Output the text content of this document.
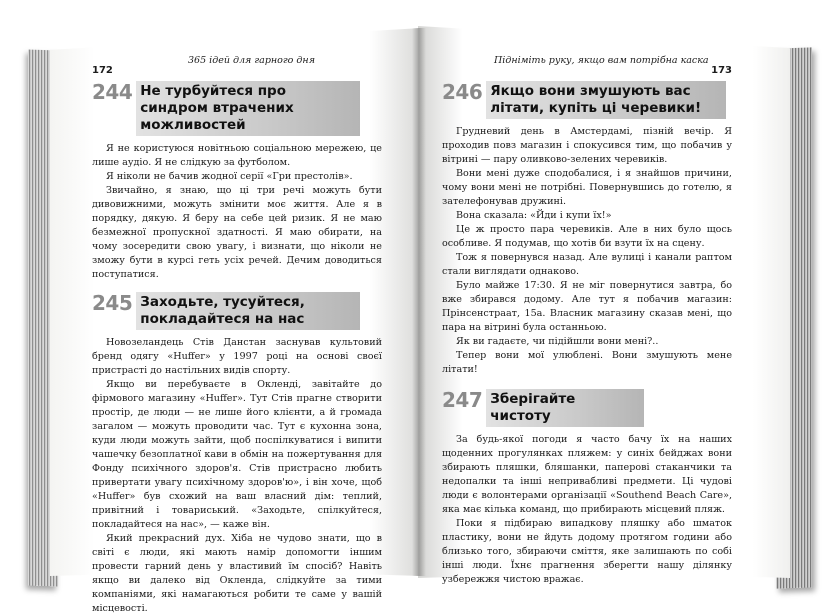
172
365 ідей для гарного дня
244 Не турбуйтеся про синдром втрачених можливостей

Я не користуюся новітньою соціальною мережею, це лише аудіо. Я не слідкую за футболом.

Я ніколи не бачив жодної серії «Гри престолів».

Звичайно, я знаю, що ці три речі можуть бути дивовижними, можуть змінити моє життя. Але я в порядку, дякую. Я беру на себе цей ризик. Я не маю безмежної пропускної здатності. Я маю обирати, на чому зосередити свою увагу, і визнати, що ніколи не зможу бути в курсі геть усіх речей. Дечим доводиться поступатися.

245 Заходьте, тусуйтеся, покладайтеся на нас

Новозеландець Стів Данстан заснував культовий бренд одягу «Huffer» у 1997 році на основі своєї пристрасті до настільних видів спорту.

Якщо ви перебуваєте в Окленді, завітайте до фірмового магазину «Huffer». Тут Стів прагне створити простір, де люди — не лише його клієнти, а й громада загалом — можуть проводити час. Тут є кухонна зона, куди люди можуть зайти, щоб поспілкуватися і випити чашечку безоплатної кави в обмін на пожертування для Фонду психічного здоров'я. Стів пристрасно любить привертати увагу психічному здоров'ю», і він хоче, щоб «Huffer» був схожий на ваш власний дім: теплий, привітний і товариський. «Заходьте, спілкуйтеся, покладайтеся на нас», — каже він.

Який прекрасний дух. Хіба не чудово знати, що в світі є люди, які мають намір допомогти іншим провести гарний день у властивий їм спосіб? Навіть якщо ви далеко від Окленда, слідкуйте за тими компаніями, які намагаються робити те саме у вашій місцевості.

Підніміть руку, якщо вам потрібна каска
173
246 Якщо вони змушують вас літати, купіть ці черевики!

Грудневий день в Амстердамі, пізній вечір. Я проходив повз магазин і спокусився тим, що побачив у вітрині — пару оливково-зелених черевиків.

Вони мені дуже сподобалися, і я знайшов причини, чому вони мені не потрібні. Повернувшись до готелю, я зателефонував дружині.

Вона сказала: «Йди і купи їх!»

Це ж просто пара черевиків. Але в них було щось особливе. Я подумав, що хотів би взути їх на сцену.

Тож я повернувся назад. Але вулиці і канали раптом стали виглядати однаково.

Було майже 17:30. Я не міг повернутися завтра, бо вже збирався додому. Але тут я побачив магазин: Прінсенстраат, 15а. Власник магазину сказав мені, що пара на вітрині була останньою.

Як ви гадаєте, чи підійшли вони мені?..

Тепер вони мої улюблені. Вони змушують мене літати!

247 Зберігайте чистоту

За будь-якої погоди я часто бачу їх на наших щоденних прогулянках пляжем: у синіх бейджах вони збирають пляшки, бляшанки, паперові стаканчики та недопалки та інші непривабливі предмети. Ці чудові люди є волонтерами організації «Southend Beach Care», яка має кілька команд, що прибирають місцевий пляж.

Поки я підбираю випадкову пляшку або шматок пластику, вони не йдуть додому протягом години або близько того, збираючи сміття, яке залишають по собі інші люди. Їхнє прагнення зберегти нашу ділянку узбережжя чистою вражає.
